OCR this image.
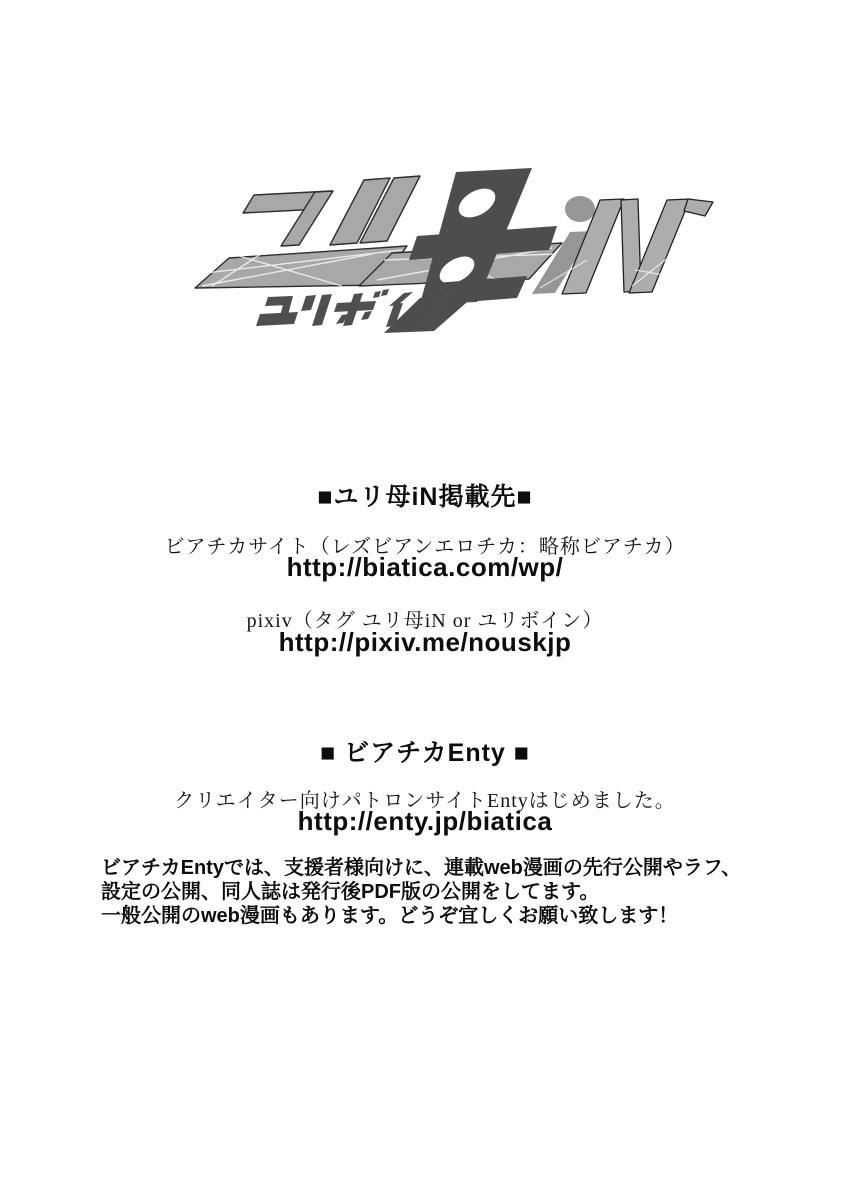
■ユリ母iN掲載先■
ビアチカサイト（レズビアンエロチカ：略称ビアチカ）
http://biatica.com/wp/
pixiv（タグ ユリ母iN or ユリボイン）
http://pixiv.me/nouskjp
■ ビアチカEnty ■
クリエイター向けパトロンサイトEntyはじめました。
http://enty.jp/biatica
ビアチカEntyでは、支援者様向けに、連載web漫画の先行公開やラフ、
設定の公開、同人誌は発行後PDF版の公開をしてます。
一般公開のweb漫画もあります。どうぞ宜しくお願い致します！
